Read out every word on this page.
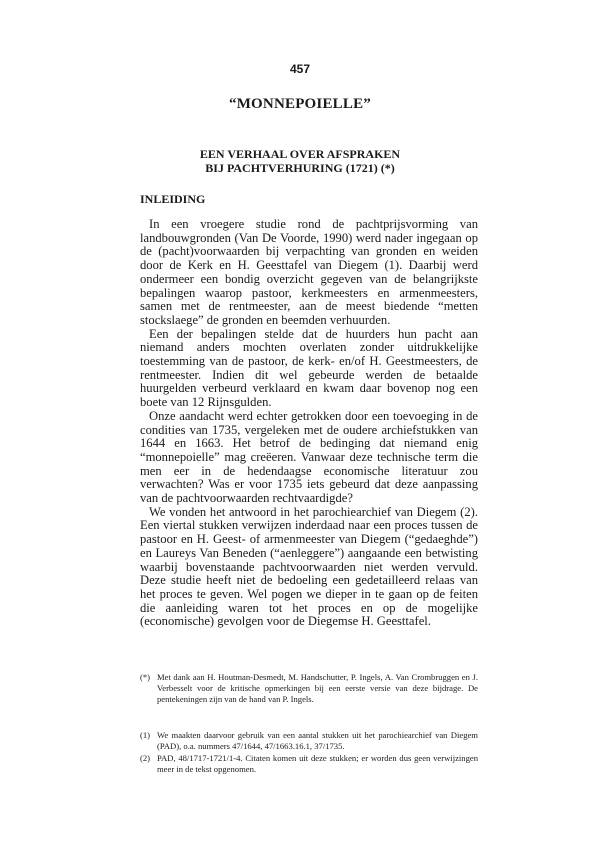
457
“MONNEPOIELLE”
EEN VERHAAL OVER AFSPRAKEN
BIJ PACHTVERHURING (1721) (*)
INLEIDING

In een vroegere studie rond de pachtprijsvorming van landbouwgronden (Van De Voorde, 1990) werd nader ingegaan op de (pacht)voorwaarden bij verpachting van gronden en weiden door de Kerk en H. Geesttafel van Diegem (1). Daarbij werd ondermeer een bondig overzicht gegeven van de belangrijkste bepalingen waarop pastoor, kerkmeesters en armenmeesters, samen met de rentmeester, aan de meest biedende “metten stockslaege” de gronden en beemden verhuurden.

Een der bepalingen stelde dat de huurders hun pacht aan niemand anders mochten overlaten zonder uitdrukkelijke toestemming van de pastoor, de kerk- en/of H. Geestmeesters, de rentmeester. Indien dit wel gebeurde werden de betaalde huurgelden verbeurd verklaard en kwam daar bovenop nog een boete van 12 Rijnsgulden.

Onze aandacht werd echter getrokken door een toevoeging in de condities van 1735, vergeleken met de oudere archiefstukken van 1644 en 1663. Het betrof de bedinging dat niemand enig “monnepoielle” mag creëeren. Vanwaar deze technische term die men eer in de hedendaagse economische literatuur zou verwachten? Was er voor 1735 iets gebeurd dat deze aanpassing van de pachtvoorwaarden rechtvaardigde?

We vonden het antwoord in het parochiearchief van Diegem (2). Een viertal stukken verwijzen inderdaad naar een proces tussen de pastoor en H. Geest- of armenmeester van Diegem (“gedaeghde”) en Laureys Van Beneden (“aenleggere”) aangaande een betwisting waarbij bovenstaande pachtvoorwaarden niet werden vervuld. Deze studie heeft niet de bedoeling een gedetailleerd relaas van het proces te geven. Wel pogen we dieper in te gaan op de feiten die aanleiding waren tot het proces en op de mogelijke (economische) gevolgen voor de Diegemse H. Geesttafel.

(*) Met dank aan H. Houtman-Desmedt, M. Handschutter, P. Ingels, A. Van Crombruggen en J. Verbesselt voor de kritische opmerkingen bij een eerste versie van deze bijdrage. De pentekeningen zijn van de hand van P. Ingels.
(1) We maakten daarvoor gebruik van een aantal stukken uit het parochiearchief van Diegem (PAD), o.a. nummers 47/1644, 47/1663.16.1, 37/1735.
(2) PAD, 48/1717-1721/1-4. Citaten komen uit deze stukken; er worden dus geen verwijzingen meer in de tekst opgenomen.
